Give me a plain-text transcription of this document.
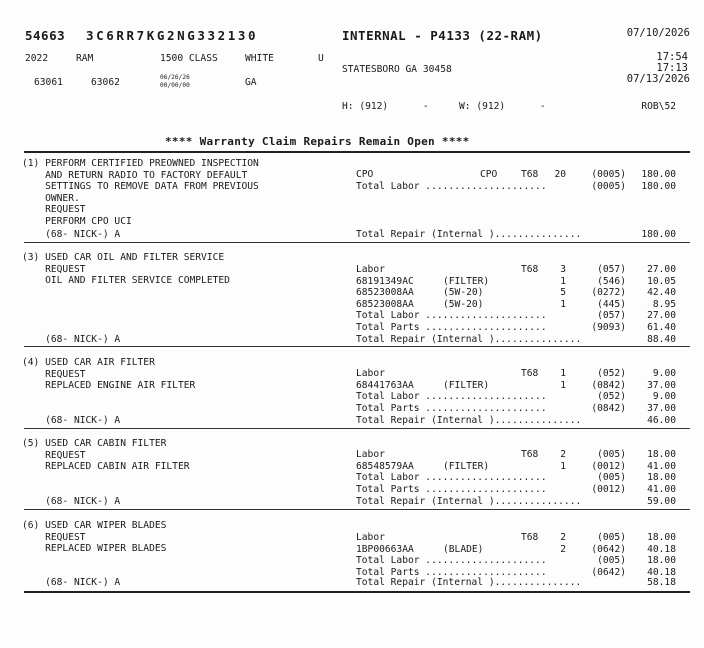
54663 3C6RR7KG2NG332130	INTERNAL - P4133 (22-RAM)	07/10/2026
2022	RAM	1500 CLASS	WHITE	U	17:54
17:13
STATESBORO GA 30458
07/13/2026
63061	63062	06/26/26
00/00/00	GA
H: (912)      -	W: (912)      -	ROB\52
**** Warranty Claim Repairs Remain Open ****
(1) PERFORM CERTIFIED PREOWNED INSPECTION
AND RETURN RADIO TO FACTORY DEFAULT
SETTINGS TO REMOVE DATA FROM PREVIOUS
OWNER.
REQUEST
PERFORM CPO UCI
(68- NICK-) A
CPO	CPO T68 20	(0005) 180.00
Total Labor .....................	(0005) 180.00
Total Repair (Internal )...............	180.00
(3) USED CAR OIL AND FILTER SERVICE
REQUEST
OIL AND FILTER SERVICE COMPLETED
(68- NICK-) A
Labor	T68 3	(057) 27.00
68191349AC	(FILTER)	1	(546) 10.05
68523008AA	(5W-20)	5	(0272) 42.40
68523008AA	(5W-20)	1	(445)	8.95
Total Labor .....................	(057) 27.00
Total Parts .....................	(9093) 61.40
Total Repair (Internal )...............	88.40
(4) USED CAR AIR FILTER
REQUEST
REPLACED ENGINE AIR FILTER
(68- NICK-) A
Labor	T68 1	(052)	9.00
68441763AA	(FILTER)	1	(0842) 37.00
Total Labor .....................	(052)	9.00
Total Parts .....................	(0842) 37.00
Total Repair (Internal )...............	46.00
(5) USED CAR CABIN FILTER
REQUEST
REPLACED CABIN AIR FILTER
(68- NICK-) A
Labor	T68 2	(005) 18.00
68548579AA	(FILTER)	1	(0012) 41.00
Total Labor .....................	(005) 18.00
Total Parts .....................	(0012) 41.00
Total Repair (Internal )...............	59.00
(6) USED CAR WIPER BLADES
REQUEST
REPLACED WIPER BLADES
(68- NICK-) A
Labor	T68 2	(005) 18.00
1BP00663AA	(BLADE)	2	(0642) 40.18
Total Labor .....................	(005) 18.00
Total Parts .....................	(0642) 40.18
Total Repair (Internal )...............	58.18
